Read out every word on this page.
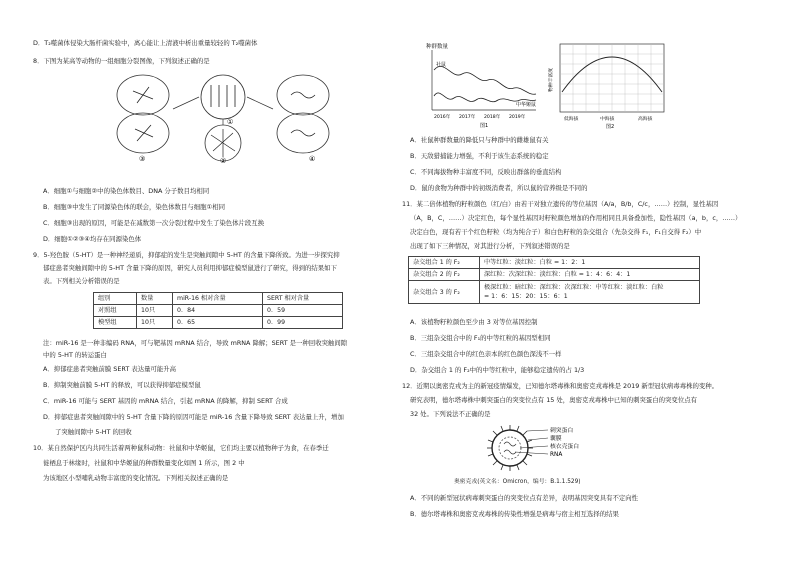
D．T₂噬菌体侵染大肠杆菌实验中，离心能让上清液中析出重量较轻的 T₂噬菌体
8．下图为某高等动物的一组细胞分裂图像，下列叙述正确的是
③
①
②	④
A．细胞①与细胞②中的染色体数目、DNA 分子数目均相同
B．细胞③中发生了同源染色体的联会，染色体数目与细胞①相同
C．细胞③出现的原因，可能是在减数第一次分裂过程中发生了染色体片段互换
D．细胞①②③④均存在同源染色体
9．5-羟色胺（5-HT）是一种神经递质，抑郁症的发生是突触间隙中 5-HT 的含量下降所致。为进一步探究抑
郁症患者突触间隙中的 5-HT 含量下降的原因，研究人员利用抑郁症模型鼠进行了研究，得到的结果如下
表。下列相关分析错误的是
组别	数量	miR-16 相对含量	SERT 相对含量
对照组	10只	0．84	0．59
模型组	10只	0．65	0．99
注：miR-16 是一种非编码 RNA，可与靶基因 mRNA 结合，导致 mRNA 降解；SERT 是一种回收突触间隙
中的 5-HT 的转运蛋白
A．抑郁症患者突触前膜 SERT 表达量可能升高
B．抑制突触前膜 5-HT 的释放，可以获得抑郁症模型鼠
C．miR-16 可能与 SERT 基因的 mRNA 结合，引起 mRNA 的降解，抑制 SERT 合成
D．抑郁症患者突触间隙中的 5-HT 含量下降的原因可能是 miR-16 含量下降导致 SERT 表达量上升，增加
了突触间隙中 5-HT 的回收
10．某自然保护区内共同生活着两种鼠科动物：社鼠和中华姬鼠，它们均主要以植物种子为食，在春季迁
徙栖息于林缘时，社鼠和中华姬鼠的种群数量变化如图 1 所示，图 2 中
为该地区小型哺乳动物丰富度的变化情况。下列相关叙述正确的是
种群数量
社鼠
中华姬鼠
2016年 2017年 2018年 2019年
图1
物种丰富度
低海拔	中海拔	高海拔
图2
A．社鼠种群数量的降低只与种群中的雌雄鼠有关
B．天敌猎捕能力增强，不利于该生态系统的稳定
C．不同海拔物种丰富度不同，反映出群落的垂直结构
D．鼠的食物为种群中的初级消费者，所以鼠的营养级是不同的
11．某二倍体植物的籽粒颜色（红/白）由若干对独立遗传的等位基因（A/a，B/b，C/c，……）控制，显性基因
（A，B，C，……）决定红色，每个显性基因对籽粒颜色增加的作用相同且具备叠加性，隐性基因（a，b，c，……）
决定白色，现有若干个红色籽粒（均为纯合子）和白色籽粒的杂交组合（先杂交得 F₁，F₁自交得 F₂）中
出现了如下三种情况，对其进行分析，下列叙述错误的是
杂交组合 1 的 F₂	中等红粒：淡红粒：白粒 = 1：2：1
杂交组合 2 的 F₂	深红粒：次深红粒：淡红粒：白粒 = 1：4：6：4：1
杂交组合 3 的 F₂	极深红粒：暗红粒：深红粒：次深红粒：中等红粒：淡红粒：白粒
= 1：6：15：20：15：6：1
A．该植物籽粒颜色至少由 3 对等位基因控制
B．三组杂交组合中的 F₁的中等红粒的基因型相同
C．三组杂交组合中的红色亲本的红色颜色深浅不一样
D．杂交组合 1 的 F₂中的中等红粒中，能够稳定遗传的占 1/3
12．近期以奥密克戎为主的新冠疫情爆发，已知德尔塔毒株和奥密克戎毒株是 2019 新型冠状病毒毒株的变种。
研究表明，德尔塔毒株中刺突蛋白的突变位点有 15 处，奥密克戎毒株中已知的刺突蛋白的突变位点有
32 处。下列说法不正确的是
刺突蛋白
囊膜
核衣壳蛋白
RNA
奥密克戎(英文名：Omicron，编号：B.1.1.529)
A．不同的新型冠状病毒刺突蛋白的突变位点有差异，表明基因突变具有不定向性
B．德尔塔毒株和奥密克戎毒株的传染性增强是病毒与宿主相互选择的结果
